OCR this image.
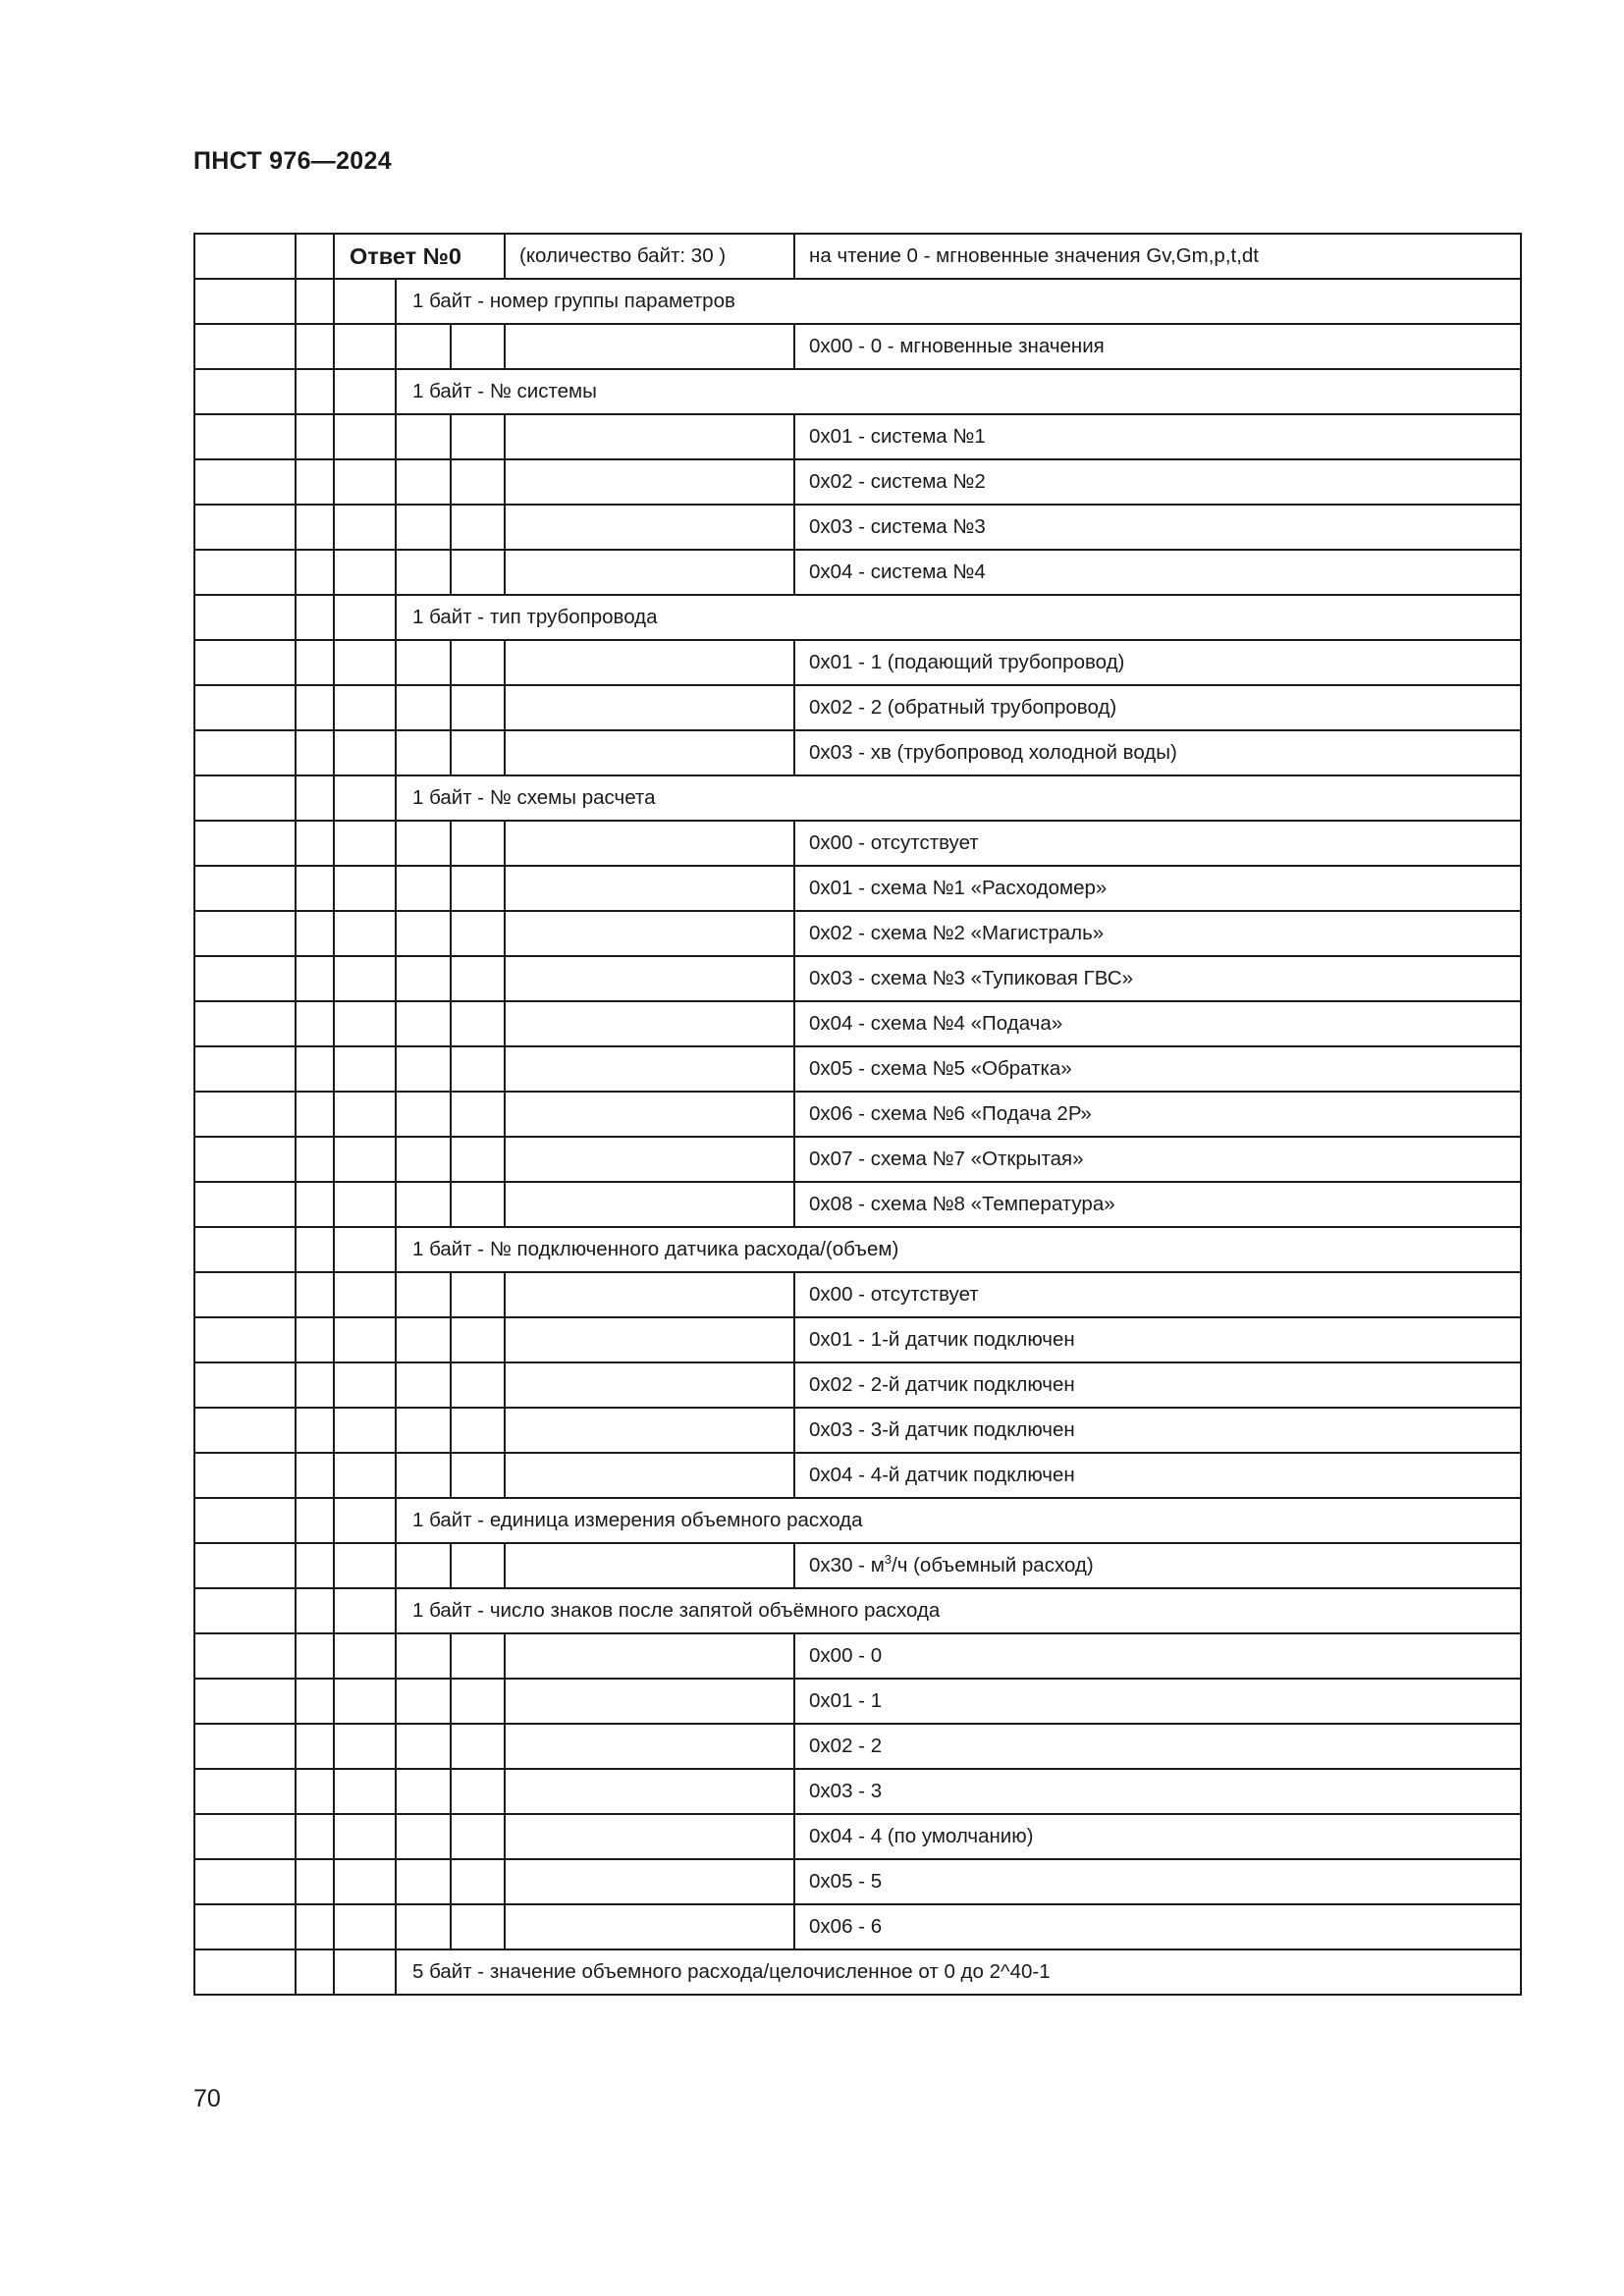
ПНСТ 976—2024
		Ответ №0			(количество байт: 30 )	на чтение 0 - мгновенные значения Gv,Gm,p,t,dt
			1 байт - номер группы параметров			
						0x00 - 0 - мгновенные значения
			1 байт - № системы			
						0x01 - система №1
						0x02 - система №2
						0x03 - система №3
						0x04 - система №4
			1 байт - тип трубопровода			
						0x01 - 1 (подающий трубопровод)
						0x02 - 2 (обратный трубопровод)
						0x03 - хв (трубопровод холодной воды)
			1 байт - № схемы расчета			
						0x00 - отсутствует
						0x01 - схема №1 «Расходомер»
						0x02 - схема №2 «Магистраль»
						0x03 - схема №3 «Тупиковая ГВС»
						0x04 - схема №4 «Подача»
						0x05 - схема №5 «Обратка»
						0x06 - схема №6 «Подача 2Р»
						0x07 - схема №7 «Открытая»
						0x08 - схема №8 «Температура»
			1 байт - № подключенного датчика расхода/(объем)			
						0x00 - отсутствует
						0x01 - 1-й датчик подключен
						0x02 - 2-й датчик подключен
						0x03 - 3-й датчик подключен
						0x04 - 4-й датчик подключен
			1 байт - единица измерения объемного расхода			
						$0x30 - м^3/ч$ (объемный расход)
			1 байт - число знаков после запятой объёмного расхода			
						0x00 - 0
						0x01 - 1
						0x02 - 2
						0x03 - 3
						0x04 - 4 (по умолчанию)
						0x05 - 5
						0x06 - 6
			5 байт - значение объемного расхода/целочисленное от 0 до 2^40-1			
70
